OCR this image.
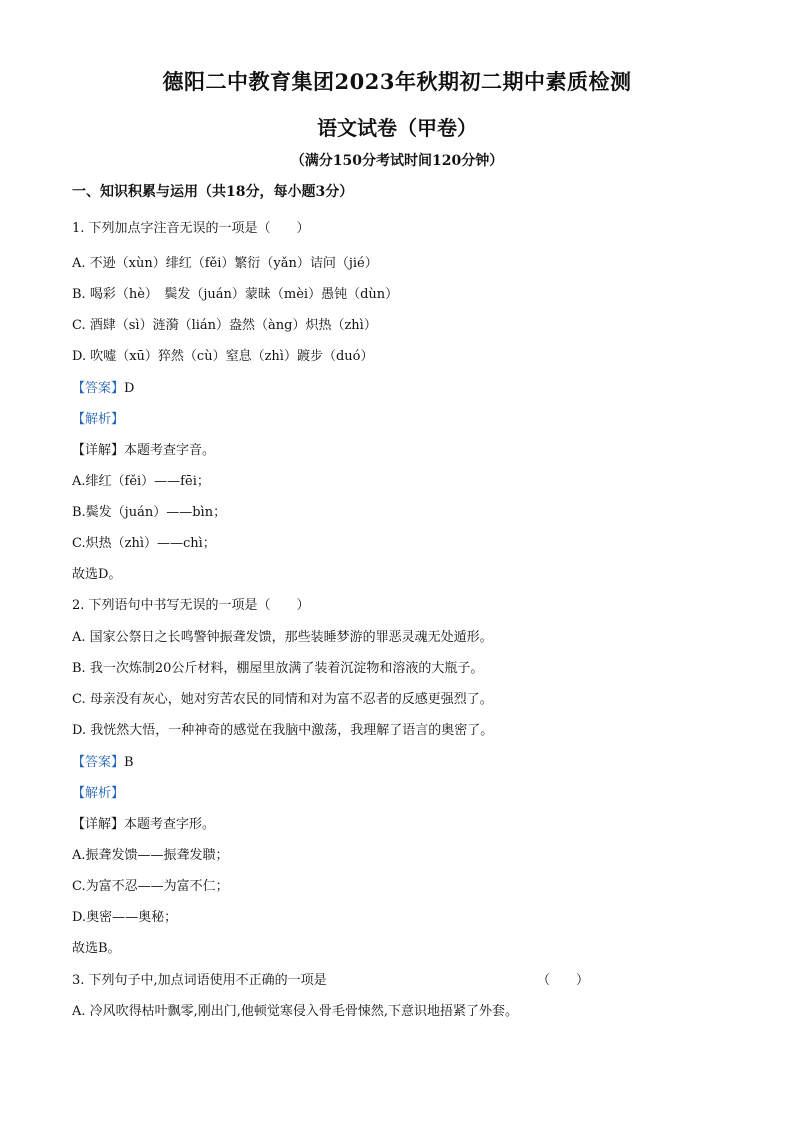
德阳二中教育集团2023年秋期初二期中素质检测
语文试卷（甲卷）
（满分150分考试时间120分钟）
一、知识积累与运用（共18分，每小题3分）
1. 下列加点字注音无误的一项是（　　）
A. 不逊（xùn）绯红（fěi）繁衍（yǎn）诘问（jié）
B. 喝彩（hè）　鬓发（juán）蒙昧（mèi）愚钝（dùn）
C. 酒肆（sì）涟漪（lián）盎然（àng）炽热（zhì）
D. 吹嘘（xū）猝然（cù）窒息（zhì）踱步（duó）
【答案】D
【解析】
【详解】本题考查字音。
A.绯红（fěi）——fēi；
B.鬓发（juán）——bìn；
C.炽热（zhì）——chì；
故选D。
2. 下列语句中书写无误的一项是（　　）
A. 国家公祭日之长鸣警钟振聋发馈，那些装睡梦游的罪恶灵魂无处遁形。
B. 我一次炼制20公斤材料，棚屋里放满了装着沉淀物和溶液的大瓶子。
C. 母亲没有灰心，她对穷苦农民的同情和对为富不忍者的反感更强烈了。
D. 我恍然大悟，一种神奇的感觉在我脑中激荡，我理解了语言的奥密了。
【答案】B
【解析】
【详解】本题考查字形。
A.振聋发馈——振聋发聩；
C.为富不忍——为富不仁；
D.奥密——奥秘；
故选B。
3. 下列句子中,加点词语使用不正确的一项是	（　　）
A. 冷风吹得枯叶飘零,刚出门,他顿觉寒侵入骨毛骨悚然,下意识地捂紧了外套。
